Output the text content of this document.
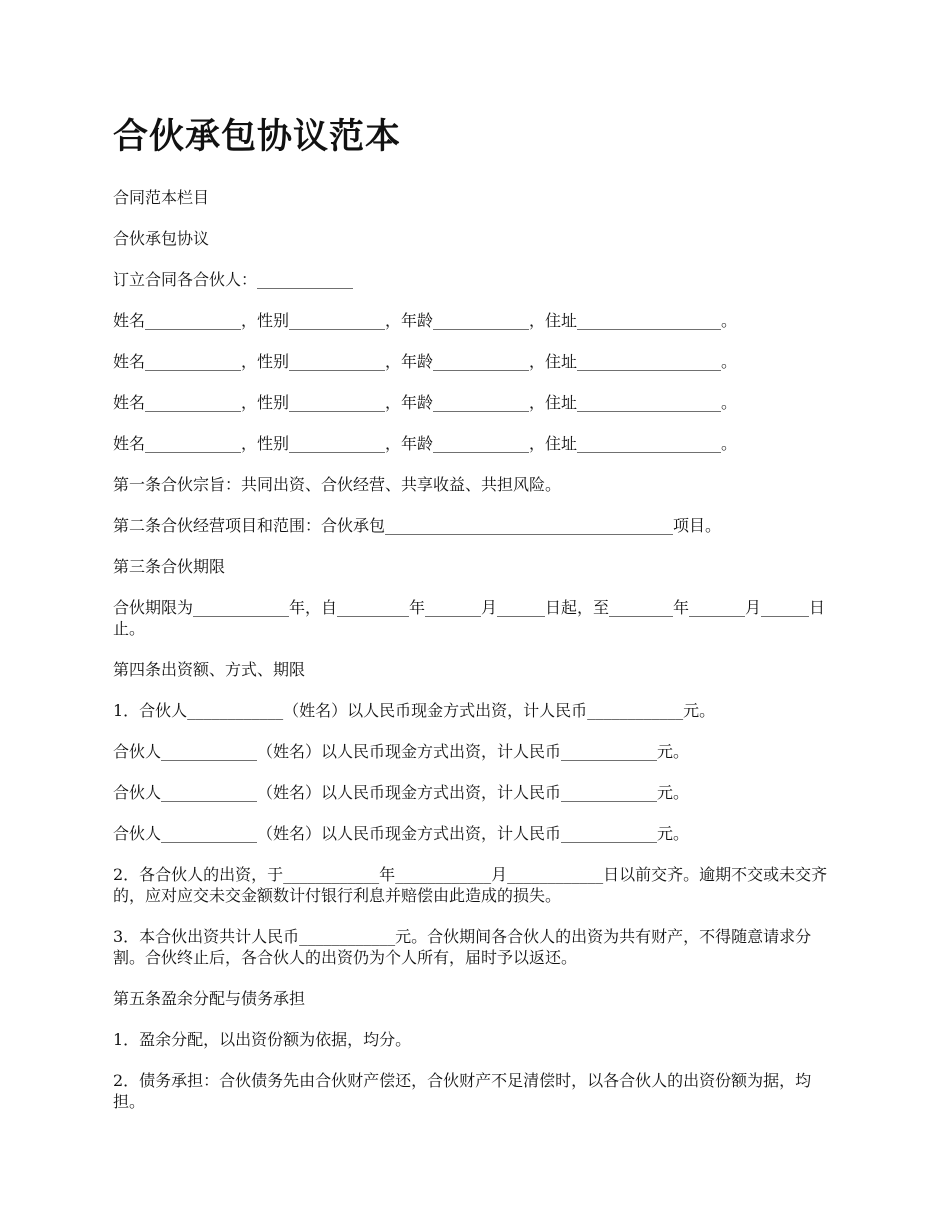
合伙承包协议范本

合同范本栏目

合伙承包协议

订立合同各合伙人：____________

姓名____________，性别____________，年龄____________，住址__________________。

姓名____________，性别____________，年龄____________，住址__________________。

姓名____________，性别____________，年龄____________，住址__________________。

姓名____________，性别____________，年龄____________，住址__________________。

第一条合伙宗旨：共同出资、合伙经营、共享收益、共担风险。

第二条合伙经营项目和范围：合伙承包____________________________________项目。

第三条合伙期限

合伙期限为____________年，自_________年_______月______日起，至________年_______月______日止。

第四条出资额、方式、期限

1．合伙人____________（姓名）以人民币现金方式出资，计人民币____________元。

合伙人____________（姓名）以人民币现金方式出资，计人民币____________元。

合伙人____________（姓名）以人民币现金方式出资，计人民币____________元。

合伙人____________（姓名）以人民币现金方式出资，计人民币____________元。

2．各合伙人的出资，于____________年____________月____________日以前交齐。逾期不交或未交齐的，应对应交未交金额数计付银行利息并赔偿由此造成的损失。

3．本合伙出资共计人民币____________元。合伙期间各合伙人的出资为共有财产，不得随意请求分割。合伙终止后，各合伙人的出资仍为个人所有，届时予以返还。

第五条盈余分配与债务承担

1．盈余分配，以出资份额为依据，均分。

2．债务承担：合伙债务先由合伙财产偿还，合伙财产不足清偿时，以各合伙人的出资份额为据，均担。
